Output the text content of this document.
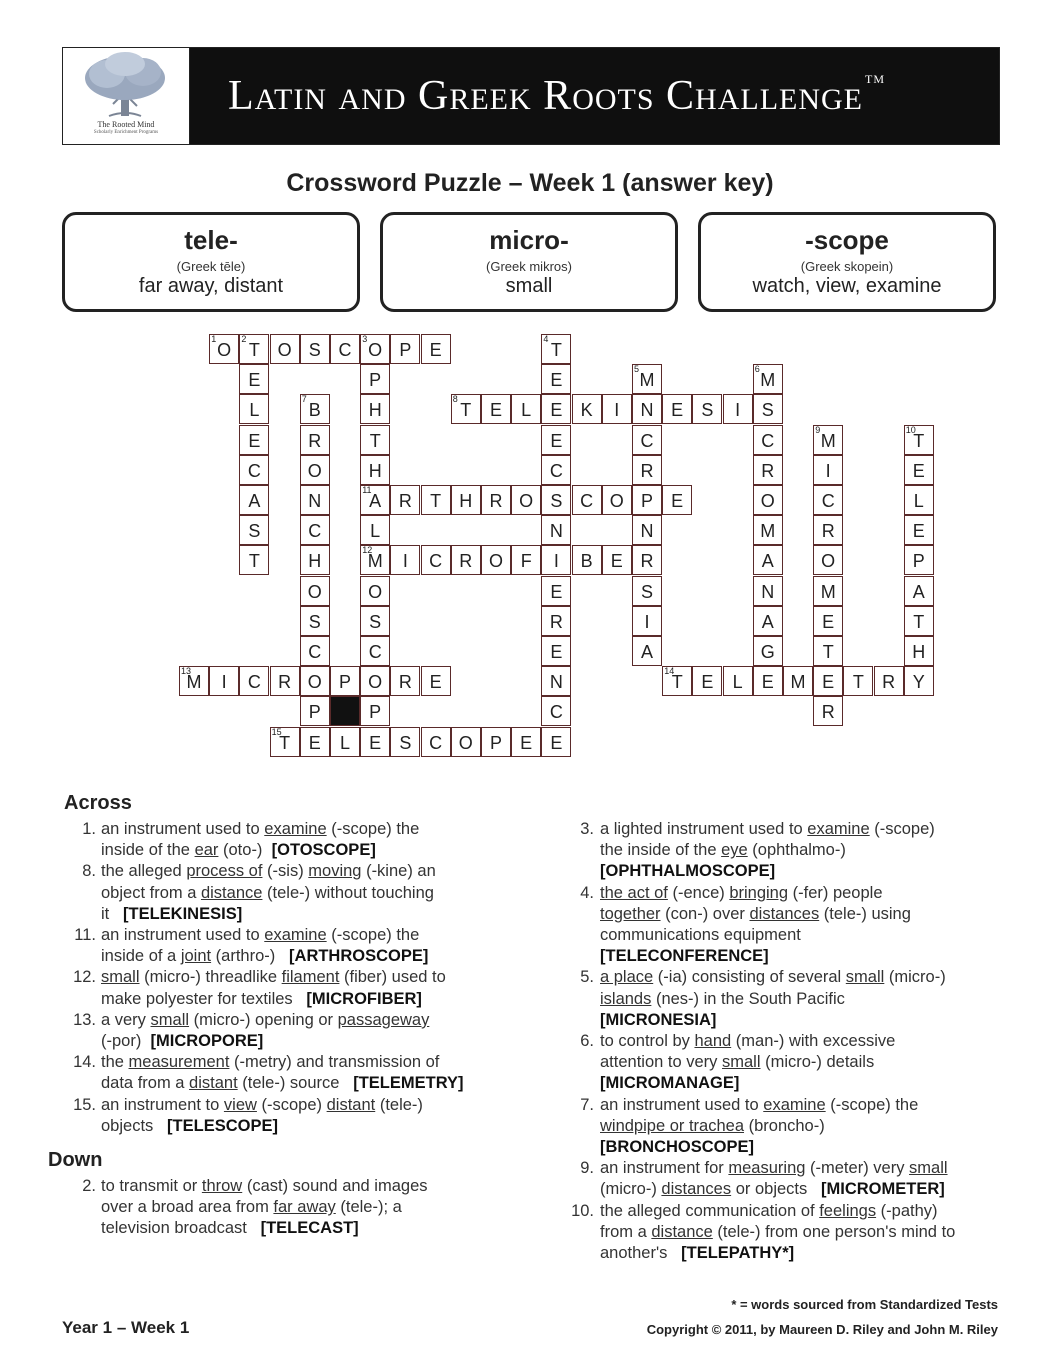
The Rooted Mind
Scholarly Enrichment Programs
LATIN AND GREEK ROOTS CHALLENGE™
Crossword Puzzle – Week 1 (answer key)
tele-
(Greek tēle)
far away, distant
micro-
(Greek mikros)
small
-scope
(Greek skopein)
watch, view, examine
O
1
T
2
O S C O
3
P	E
E
L
E
C
A
S
T
P
H
T
H
A
11
L
M
12
O
S
C
O
P
E
T
4
E
E
E
C
S
N
I
E
R
E
N
C
E
M
5
N
C
R
P
N
R
S
I
A
M
6
S
C
R
O
M
A
N
A
G
E
B
7
R
O
N
C
H
O
S
C
O
P
E
T
8
E	L	K	I	E	S	I
M
9
I
C
R
O
M
E
T
E
R
T
10
E
L
E
P
A
T
H
Y
R	T	H R O	C O	E
I	C R O F	B	E
M
13
I	C R	P	R E	T
14
E	L	M	T	R
T
15
L	S C O P	E
Across
1. an instrument used to examine (-scope) the
inside of the ear (oto-)  [OTOSCOPE]
8. the alleged process of (-sis) moving (-kine) an
object from a distance (tele-) without touching
it   [TELEKINESIS]
11. an instrument used to examine (-scope) the
inside of a joint (arthro-)   [ARTHROSCOPE]
12. small (micro-) threadlike filament (fiber) used to
make polyester for textiles   [MICROFIBER]
13. a very small (micro-) opening or passageway
(-por)  [MICROPORE]
14. the measurement (-metry) and transmission of
data from a distant (tele-) source   [TELEMETRY]
15. an instrument to view (-scope) distant (tele-)
objects   [TELESCOPE]
Down
2. to transmit or throw (cast) sound and images
over a broad area from far away (tele-); a
television broadcast   [TELECAST]
3. a lighted instrument used to examine (-scope)
the inside of the eye (ophthalmo-)
[OPHTHALMOSCOPE]
4. the act of (-ence) bringing (-fer) people
together (con-) over distances (tele-) using
communications equipment
[TELECONFERENCE]
5. a place (-ia) consisting of several small (micro-)
islands (nes-) in the South Pacific
[MICRONESIA]
6. to control by hand (man-) with excessive
attention to very small (micro-) details
[MICROMANAGE]
7. an instrument used to examine (-scope) the
windpipe or trachea (broncho-)
[BRONCHOSCOPE]
9. an instrument for measuring (-meter) very small
(micro-) distances or objects   [MICROMETER]
10. the alleged communication of feelings (-pathy)
from a distance (tele-) from one person's mind to
another's   [TELEPATHY*]
* = words sourced from Standardized Tests
Year 1 – Week 1	Copyright © 2011, by Maureen D. Riley and John M. Riley
